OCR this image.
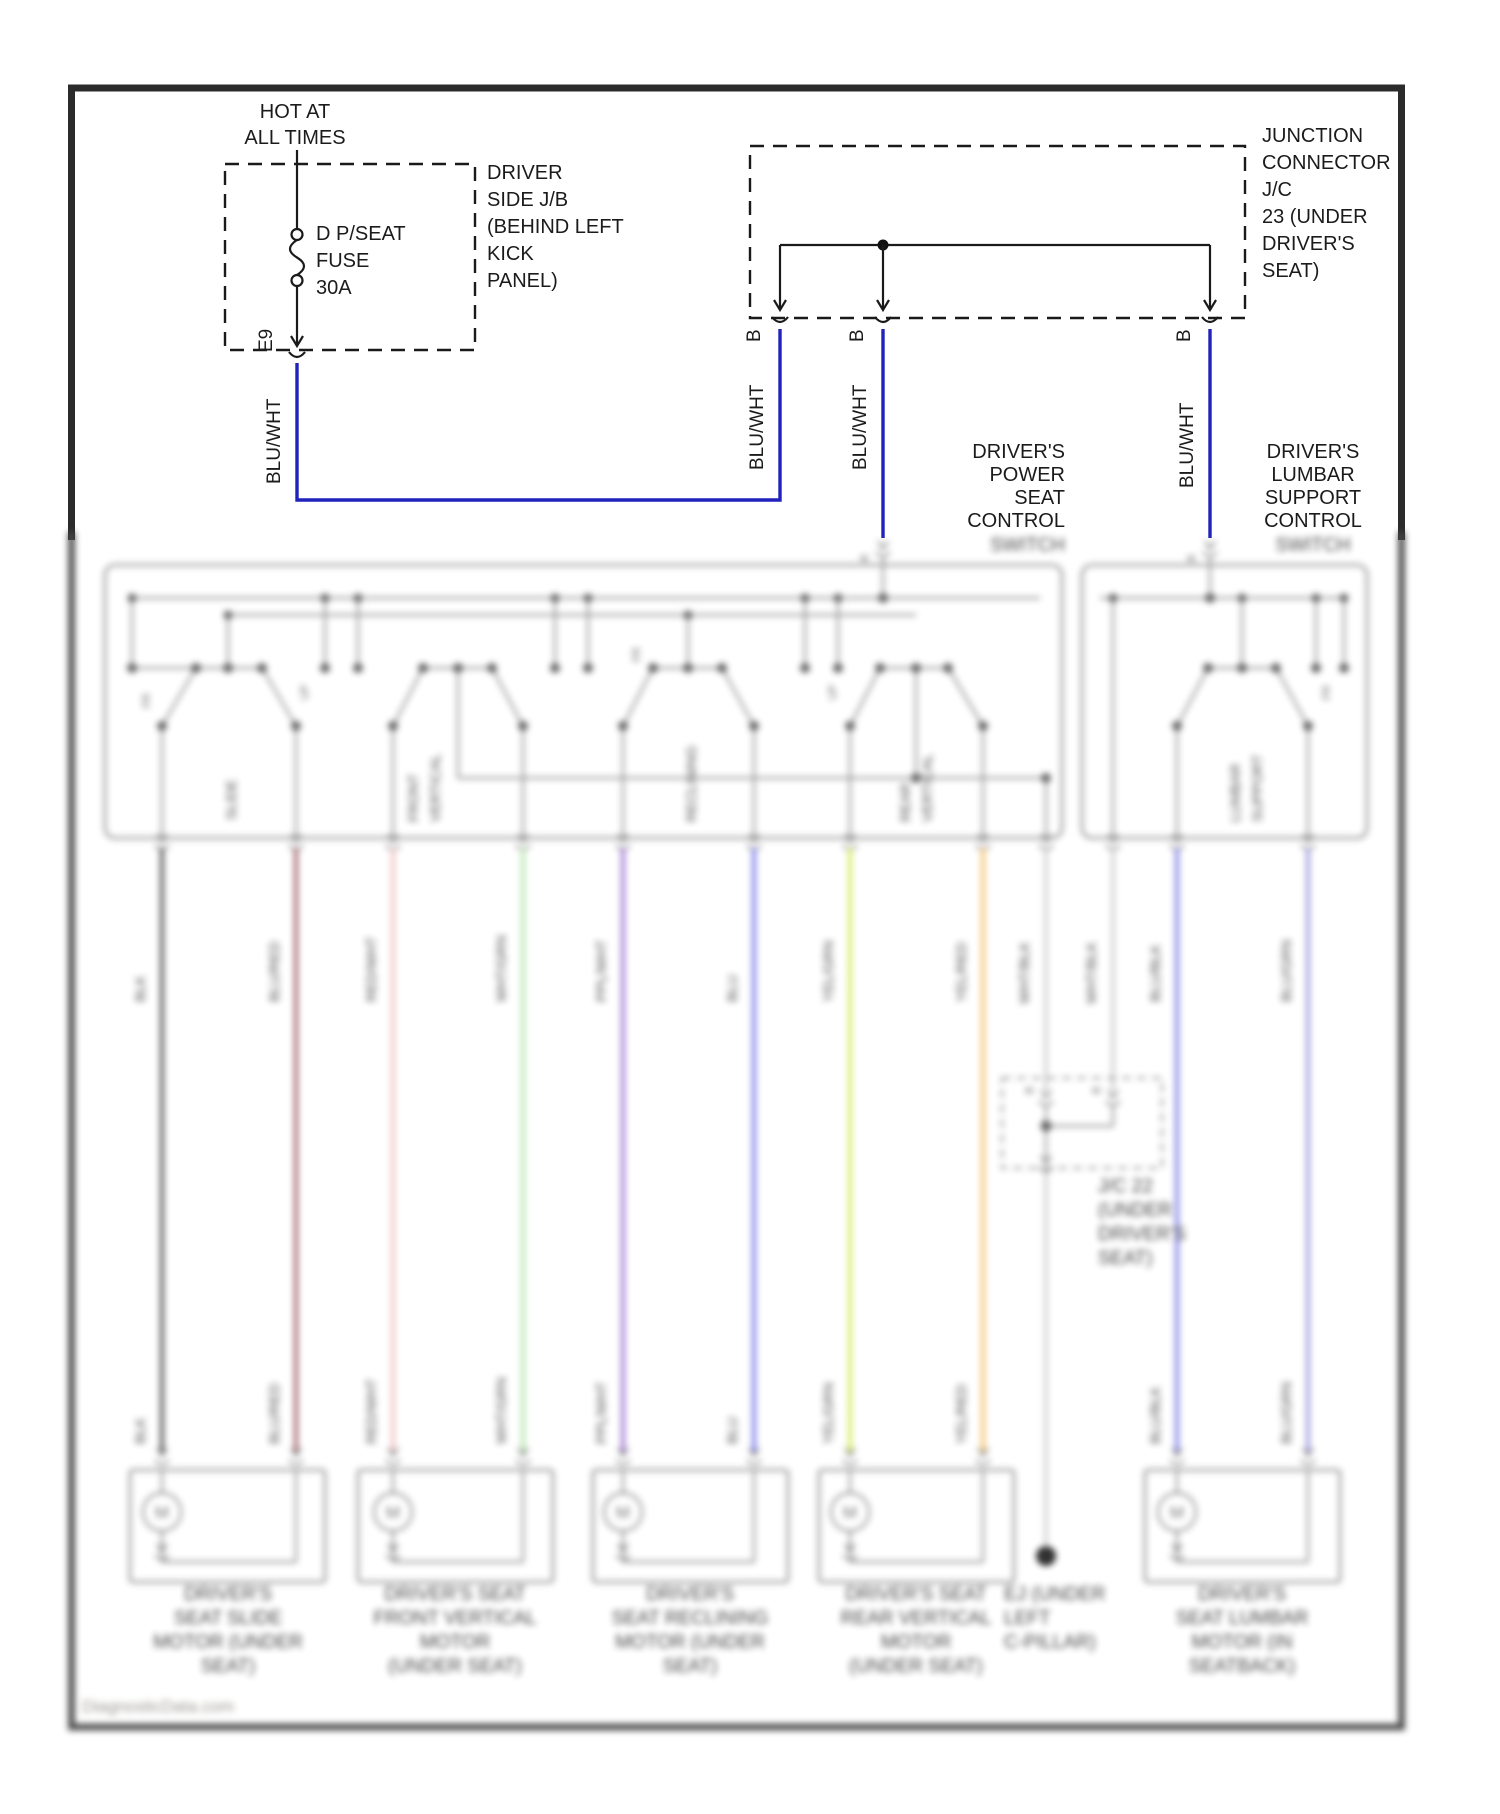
HOT AT
ALL TIMES
D P/SEAT
FUSE
30A
DRIVER
SIDE J/B
(BEHIND LEFT
KICK
PANEL)
E9	B	B	B
JUNCTION
CONNECTOR
J/C
23 (UNDER
DRIVER'S
SEAT)
BLU/WHT	BLU/WHT	BLU/WHT	BLU/WHT
DRIVER'S
POWER
SEAT
CONTROL
DRIVER'S
LUMBAR
SUPPORT
CONTROL
SWITCH	SWITCH
B	B
SLIDE	FRONT VERTICAL	RECLINING	REAR VERTICAL
FR
UP
FR
UP
LUMBAR SUPPORT
FR
BLK	BLU/RED	RED/WHT	WHT/GRN	PPL/WHT	BLU	YEL/GRN	YEL/RED	WHT/BLK	WHT/BLK	BLU/BLK	BLU/GRN
BLK	BLU/RED	RED/WHT	WHT/GRN	PPL/WHT	BLU	YEL/GRN	YEL/RED	BLU/BLK	BLU/GRN
B	B
J/C 22
(UNDER
DRIVER'S
SEAT)
EJ (UNDER
LEFT
C-PILLAR)
M
DRIVER'S
SEAT SLIDE
MOTOR (UNDER
SEAT)
M
DRIVER'S SEAT
FRONT VERTICAL
MOTOR
(UNDER SEAT)
M
DRIVER'S
SEAT RECLINING
MOTOR (UNDER
SEAT)
M
DRIVER'S SEAT
REAR VERTICAL
MOTOR
(UNDER SEAT)
M
DRIVER'S
SEAT LUMBAR
MOTOR (IN
SEATBACK)
DiagnosticData.com
